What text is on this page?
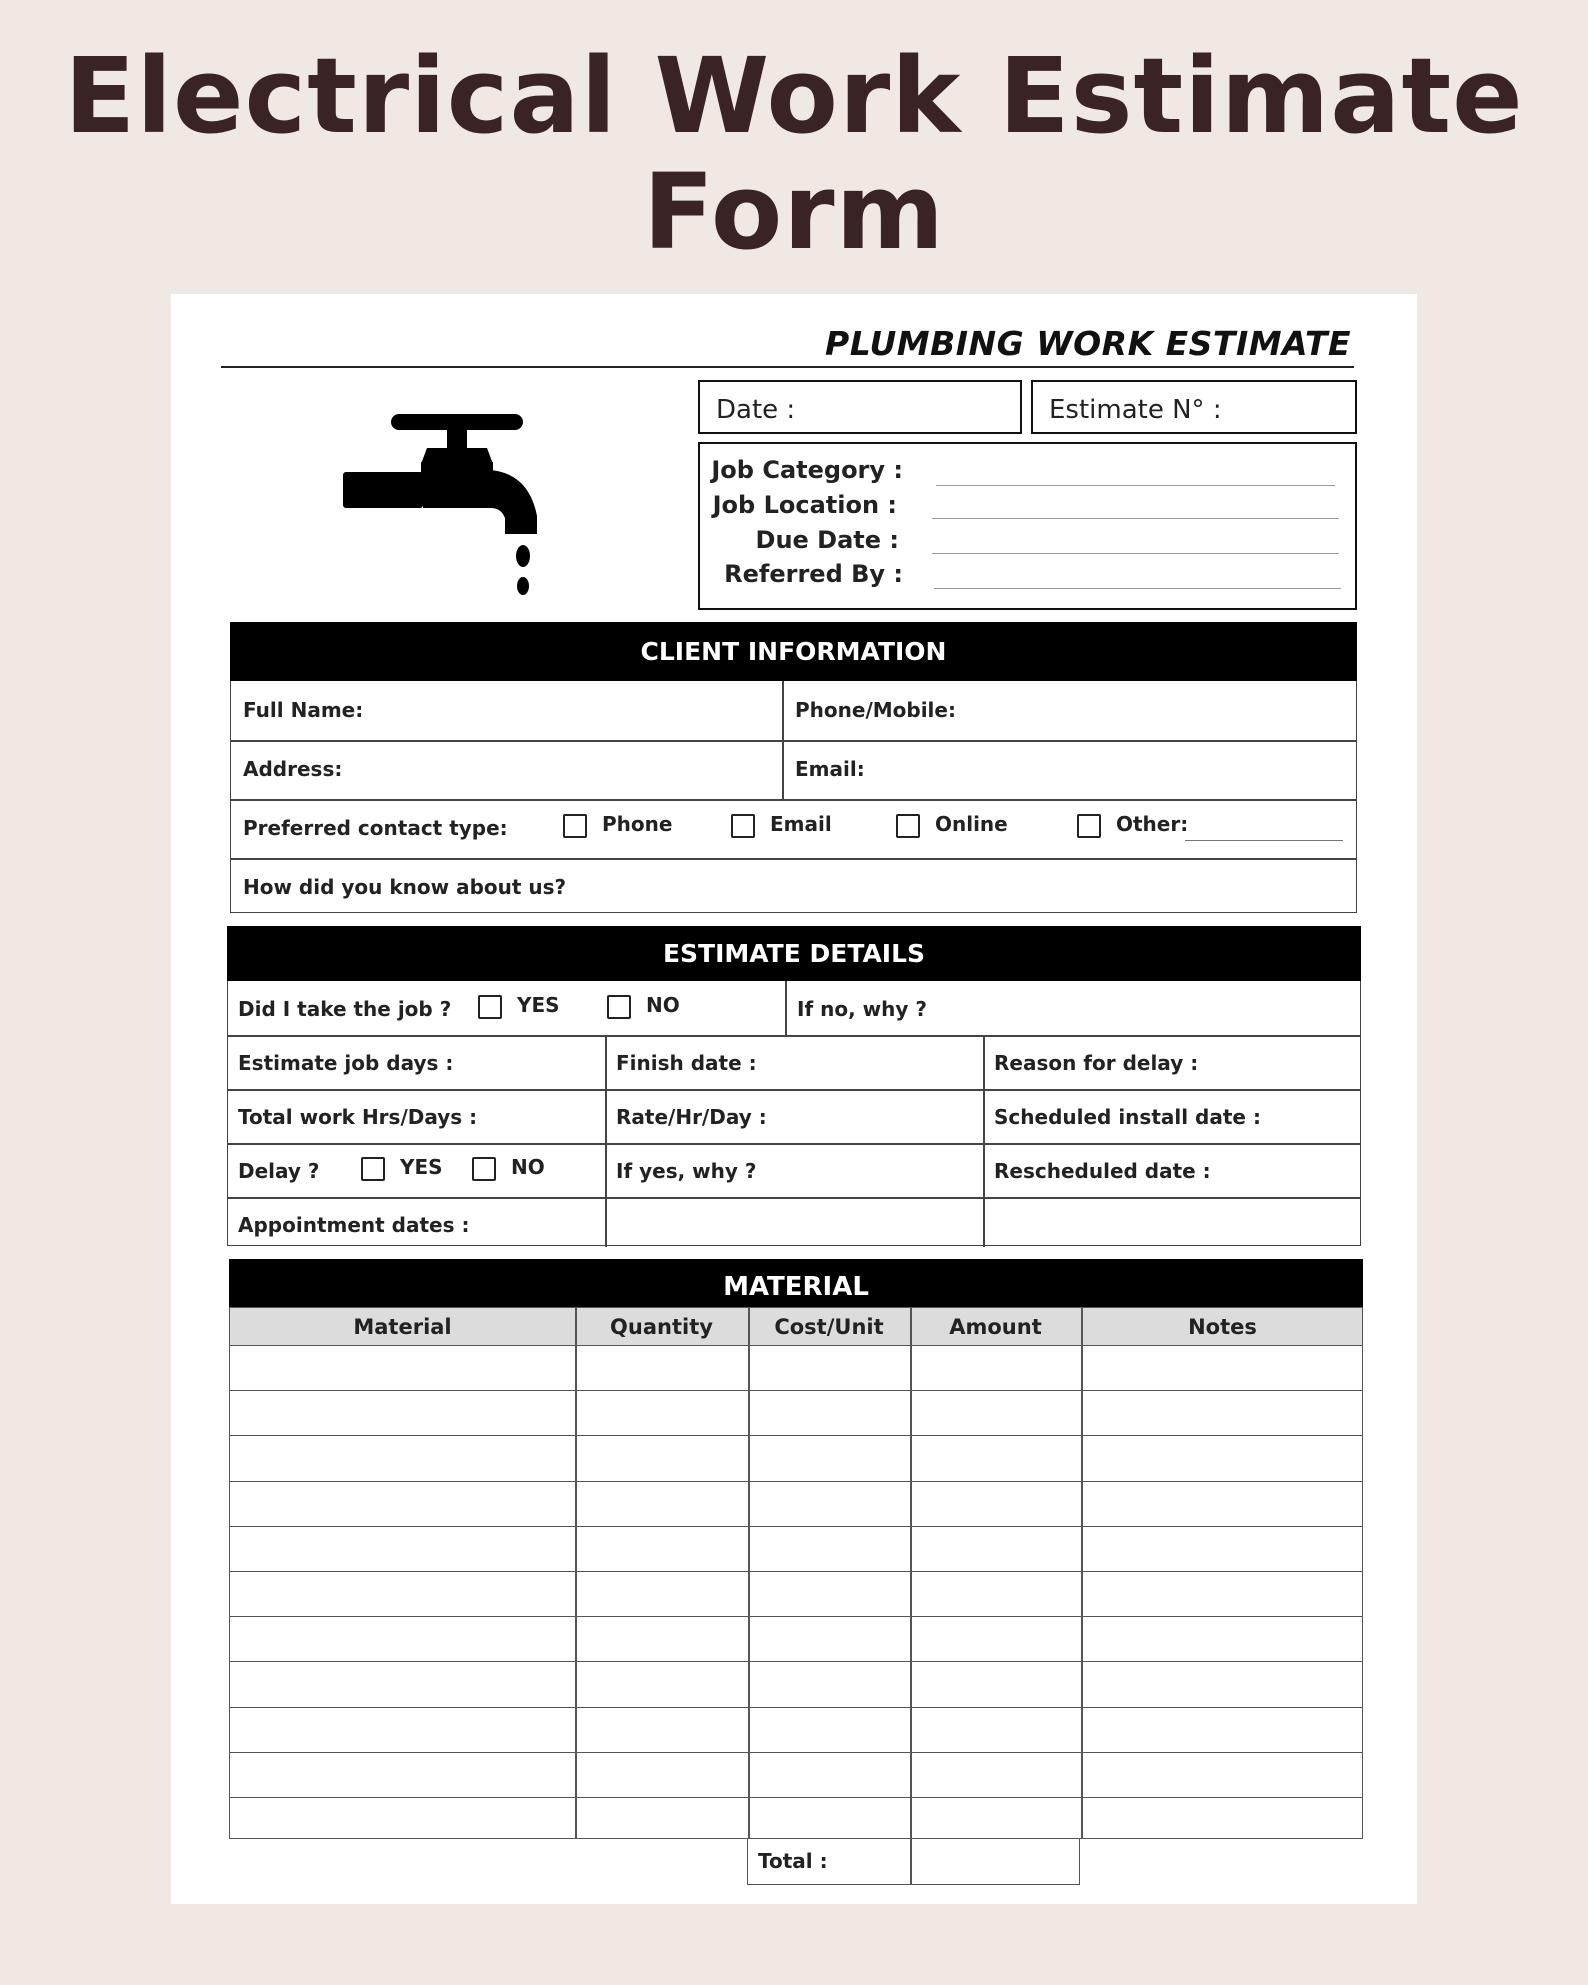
Electrical Work Estimate
Form
PLUMBING WORK ESTIMATE
Date :	Estimate N° :
Job Category :
Job Location :
Due Date :
Referred By :
CLIENT INFORMATION
Full Name:	Phone/Mobile:
Address:	Email:
Preferred contact type:	Phone	Email	Online	Other:
How did you know about us?
ESTIMATE DETAILS
Did I take the job ?	YES	NO	If no, why ?
Estimate job days :	Finish date :	Reason for delay :
Total work Hrs/Days :	Rate/Hr/Day :	Scheduled install date :
Delay ?	YES	NO	If yes, why ?	Rescheduled date :
Appointment dates :
MATERIAL
Material	Quantity	Cost/Unit	Amount	Notes
Total :
